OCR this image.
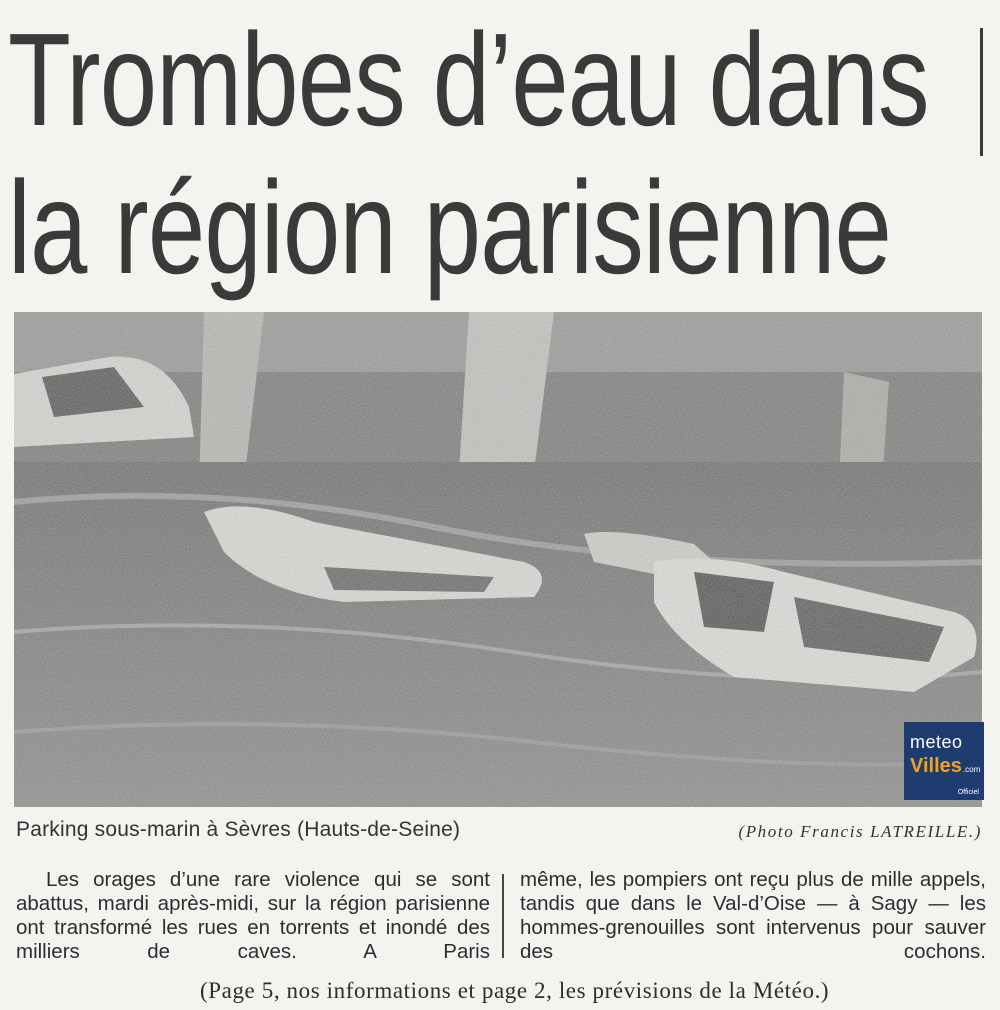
Trombes d’eau dans
la région parisienne
meteo
Villes.com
Officiel
Parking sous-marin à Sèvres (Hauts-de-Seine)	(Photo Francis LATREILLE.)

Les orages d’une rare violence qui se sont abattus, mardi après-midi, sur la région parisienne ont transformé les rues en torrents et inondé des milliers de caves. A Paris

même, les pompiers ont reçu plus de mille appels, tandis que dans le Val-d’Oise — à Sagy — les hommes-grenouilles sont intervenus pour sauver des cochons.

(Page 5, nos informations et page 2, les prévisions de la Météo.)
